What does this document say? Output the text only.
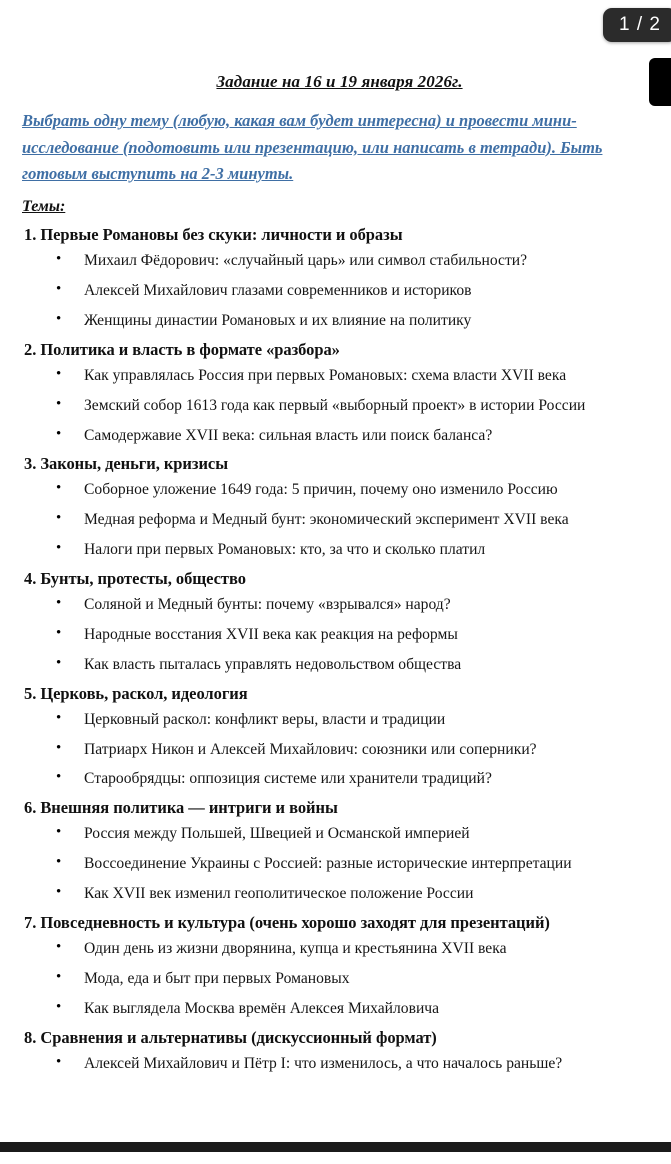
Задание на 16 и 19 января 2026г.

Выбрать одну тему (любую, какая вам будет интересна) и провести мини-исследование (подотовить или презентацию, или написать в тетради). Быть готовым выступить на 2-3 минуты.

Темы:
1. Первые Романовы без скуки: личности и образы
• Михаил Фёдорович: «случайный царь» или символ стабильности?
• Алексей Михайлович глазами современников и историков
• Женщины династии Романовых и их влияние на политику
2. Политика и власть в формате «разбора»
• Как управлялась Россия при первых Романовых: схема власти XVII века
• Земский собор 1613 года как первый «выборный проект» в истории России
• Самодержавие XVII века: сильная власть или поиск баланса?
3. Законы, деньги, кризисы
• Соборное уложение 1649 года: 5 причин, почему оно изменило Россию
• Медная реформа и Медный бунт: экономический эксперимент XVII века
• Налоги при первых Романовых: кто, за что и сколько платил
4. Бунты, протесты, общество
• Соляной и Медный бунты: почему «взрывался» народ?
• Народные восстания XVII века как реакция на реформы
• Как власть пыталась управлять недовольством общества
5. Церковь, раскол, идеология
• Церковный раскол: конфликт веры, власти и традиции
• Патриарх Никон и Алексей Михайлович: союзники или соперники?
• Старообрядцы: оппозиция системе или хранители традиций?
6. Внешняя политика — интриги и войны
• Россия между Польшей, Швецией и Османской империей
• Воссоединение Украины с Россией: разные исторические интерпретации
• Как XVII век изменил геополитическое положение России
7. Повседневность и культура (очень хорошо заходят для презентаций)
• Один день из жизни дворянина, купца и крестьянина XVII века
• Мода, еда и быт при первых Романовых
• Как выглядела Москва времён Алексея Михайловича
8. Сравнения и альтернативы (дискуссионный формат)
• Алексей Михайлович и Пётр I: что изменилось, а что началось раньше?
1 / 2
